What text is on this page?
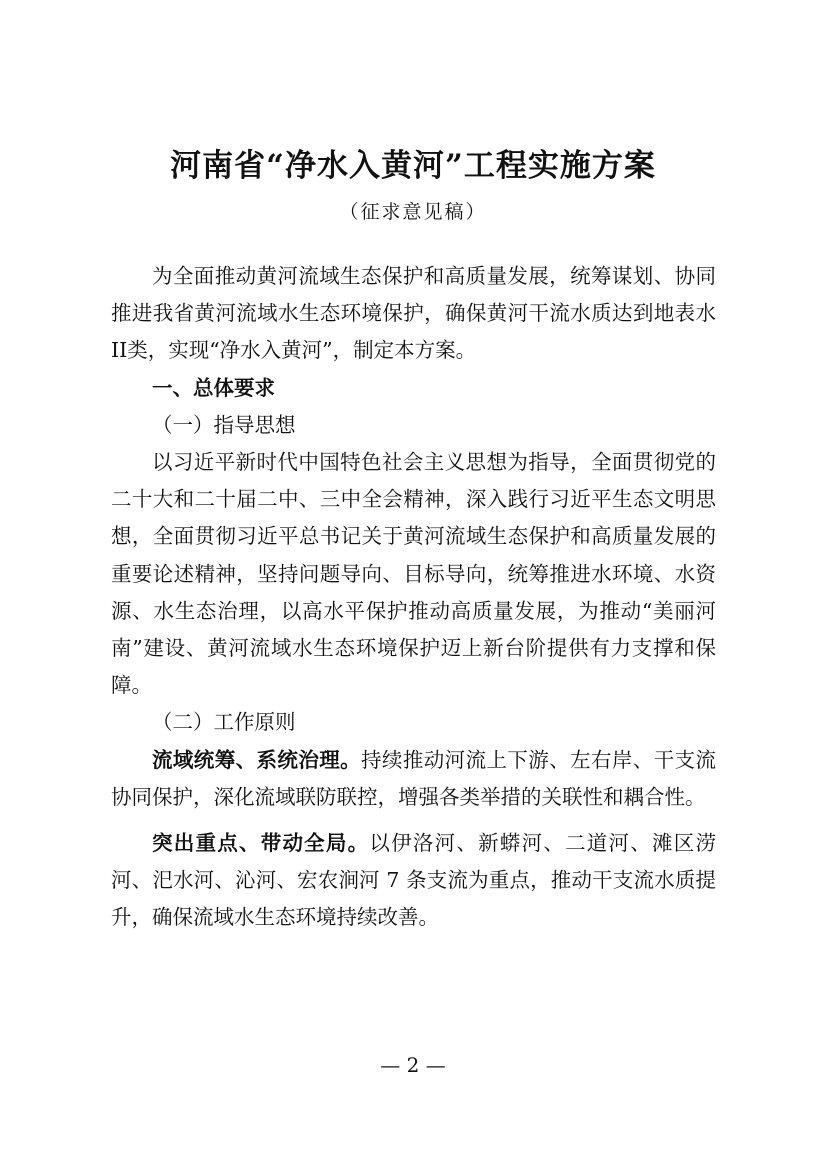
河南省“净水入黄河”工程实施方案

（征求意见稿）

为全面推动黄河流域生态保护和高质量发展，统筹谋划、协同推进我省黄河流域水生态环境保护，确保黄河干流水质达到地表水II类，实现“净水入黄河”，制定本方案。

一、总体要求

（一）指导思想

以习近平新时代中国特色社会主义思想为指导，全面贯彻党的二十大和二十届二中、三中全会精神，深入践行习近平生态文明思想，全面贯彻习近平总书记关于黄河流域生态保护和高质量发展的重要论述精神，坚持问题导向、目标导向，统筹推进水环境、水资源、水生态治理，以高水平保护推动高质量发展，为推动“美丽河南”建设、黄河流域水生态环境保护迈上新台阶提供有力支撑和保障。

（二）工作原则

流域统筹、系统治理。持续推动河流上下游、左右岸、干支流协同保护，深化流域联防联控，增强各类举措的关联性和耦合性。

突出重点、带动全局。以伊洛河、新蟒河、二道河、滩区涝河、汜水河、沁河、宏农涧河 7 条支流为重点，推动干支流水质提升，确保流域水生态环境持续改善。

— 2 —
